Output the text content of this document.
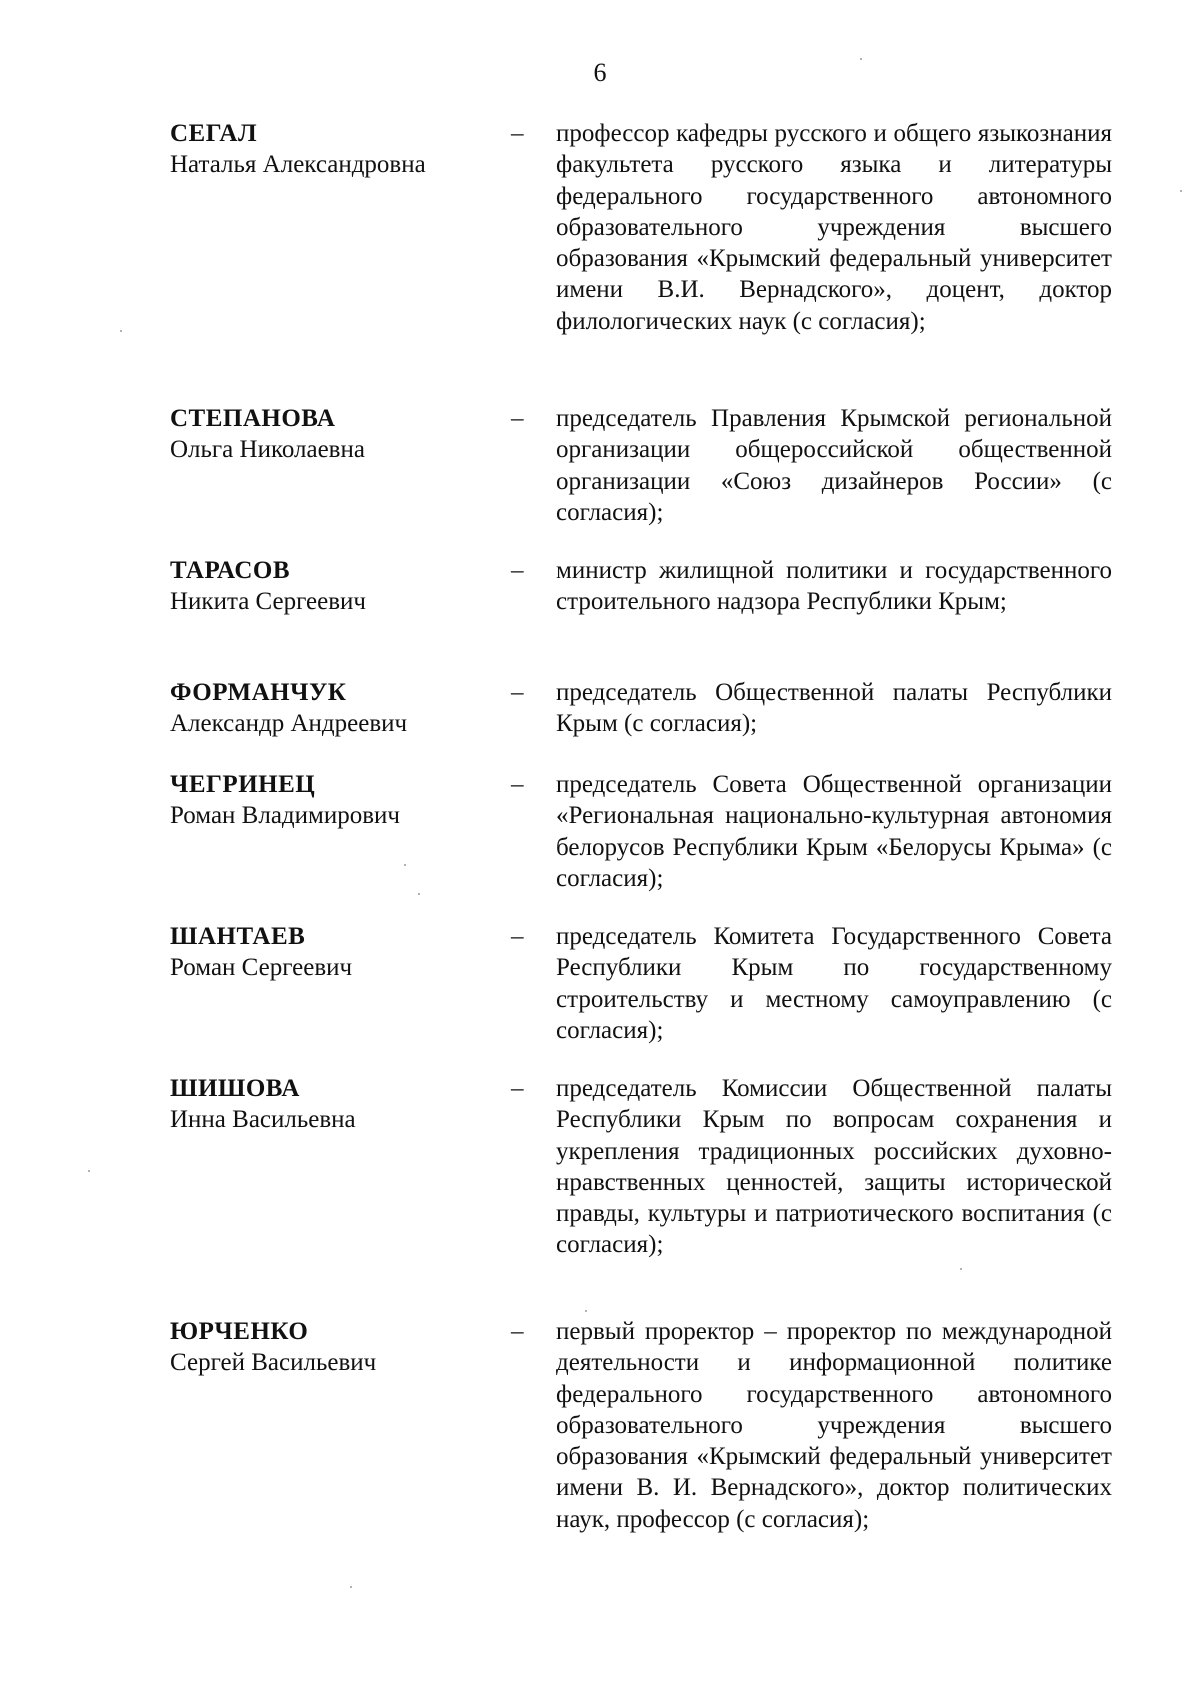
6
СЕГАЛ
Наталья Александровна
– профессор кафедры русского и общего языкознания факультета русского языка и литературы федерального государственного автономного образовательного учреждения высшего образования «Крымский федеральный университет имени В.И. Вернадского», доцент, доктор филологических наук (с согласия);
СТЕПАНОВА
Ольга Николаевна
– председатель Правления Крымской региональной организации общероссийской общественной организации «Союз дизайнеров России» (с согласия);
ТАРАСОВ
Никита Сергеевич
– министр жилищной политики и государственного строительного надзора Республики Крым;
ФОРМАНЧУК
Александр Андреевич
– председатель Общественной палаты Республики Крым (с согласия);
ЧЕГРИНЕЦ
Роман Владимирович
– председатель Совета Общественной организации «Региональная национально-культурная автономия белорусов Республики Крым «Белорусы Крыма» (с согласия);
ШАНТАЕВ
Роман Сергеевич
– председатель Комитета Государственного Совета Республики Крым по государственному строительству и местному самоуправлению (с согласия);
ШИШОВА
Инна Васильевна
– председатель Комиссии Общественной палаты Республики Крым по вопросам сохранения и укрепления традиционных российских духовно-нравственных ценностей, защиты исторической правды, культуры и патриотического воспитания (с согласия);
ЮРЧЕНКО
Сергей Васильевич
– первый проректор – проректор по международной деятельности и информационной политике федерального государственного автономного образовательного учреждения высшего образования «Крымский федеральный университет имени В. И. Вернадского», доктор политических наук, профессор (с согласия);
